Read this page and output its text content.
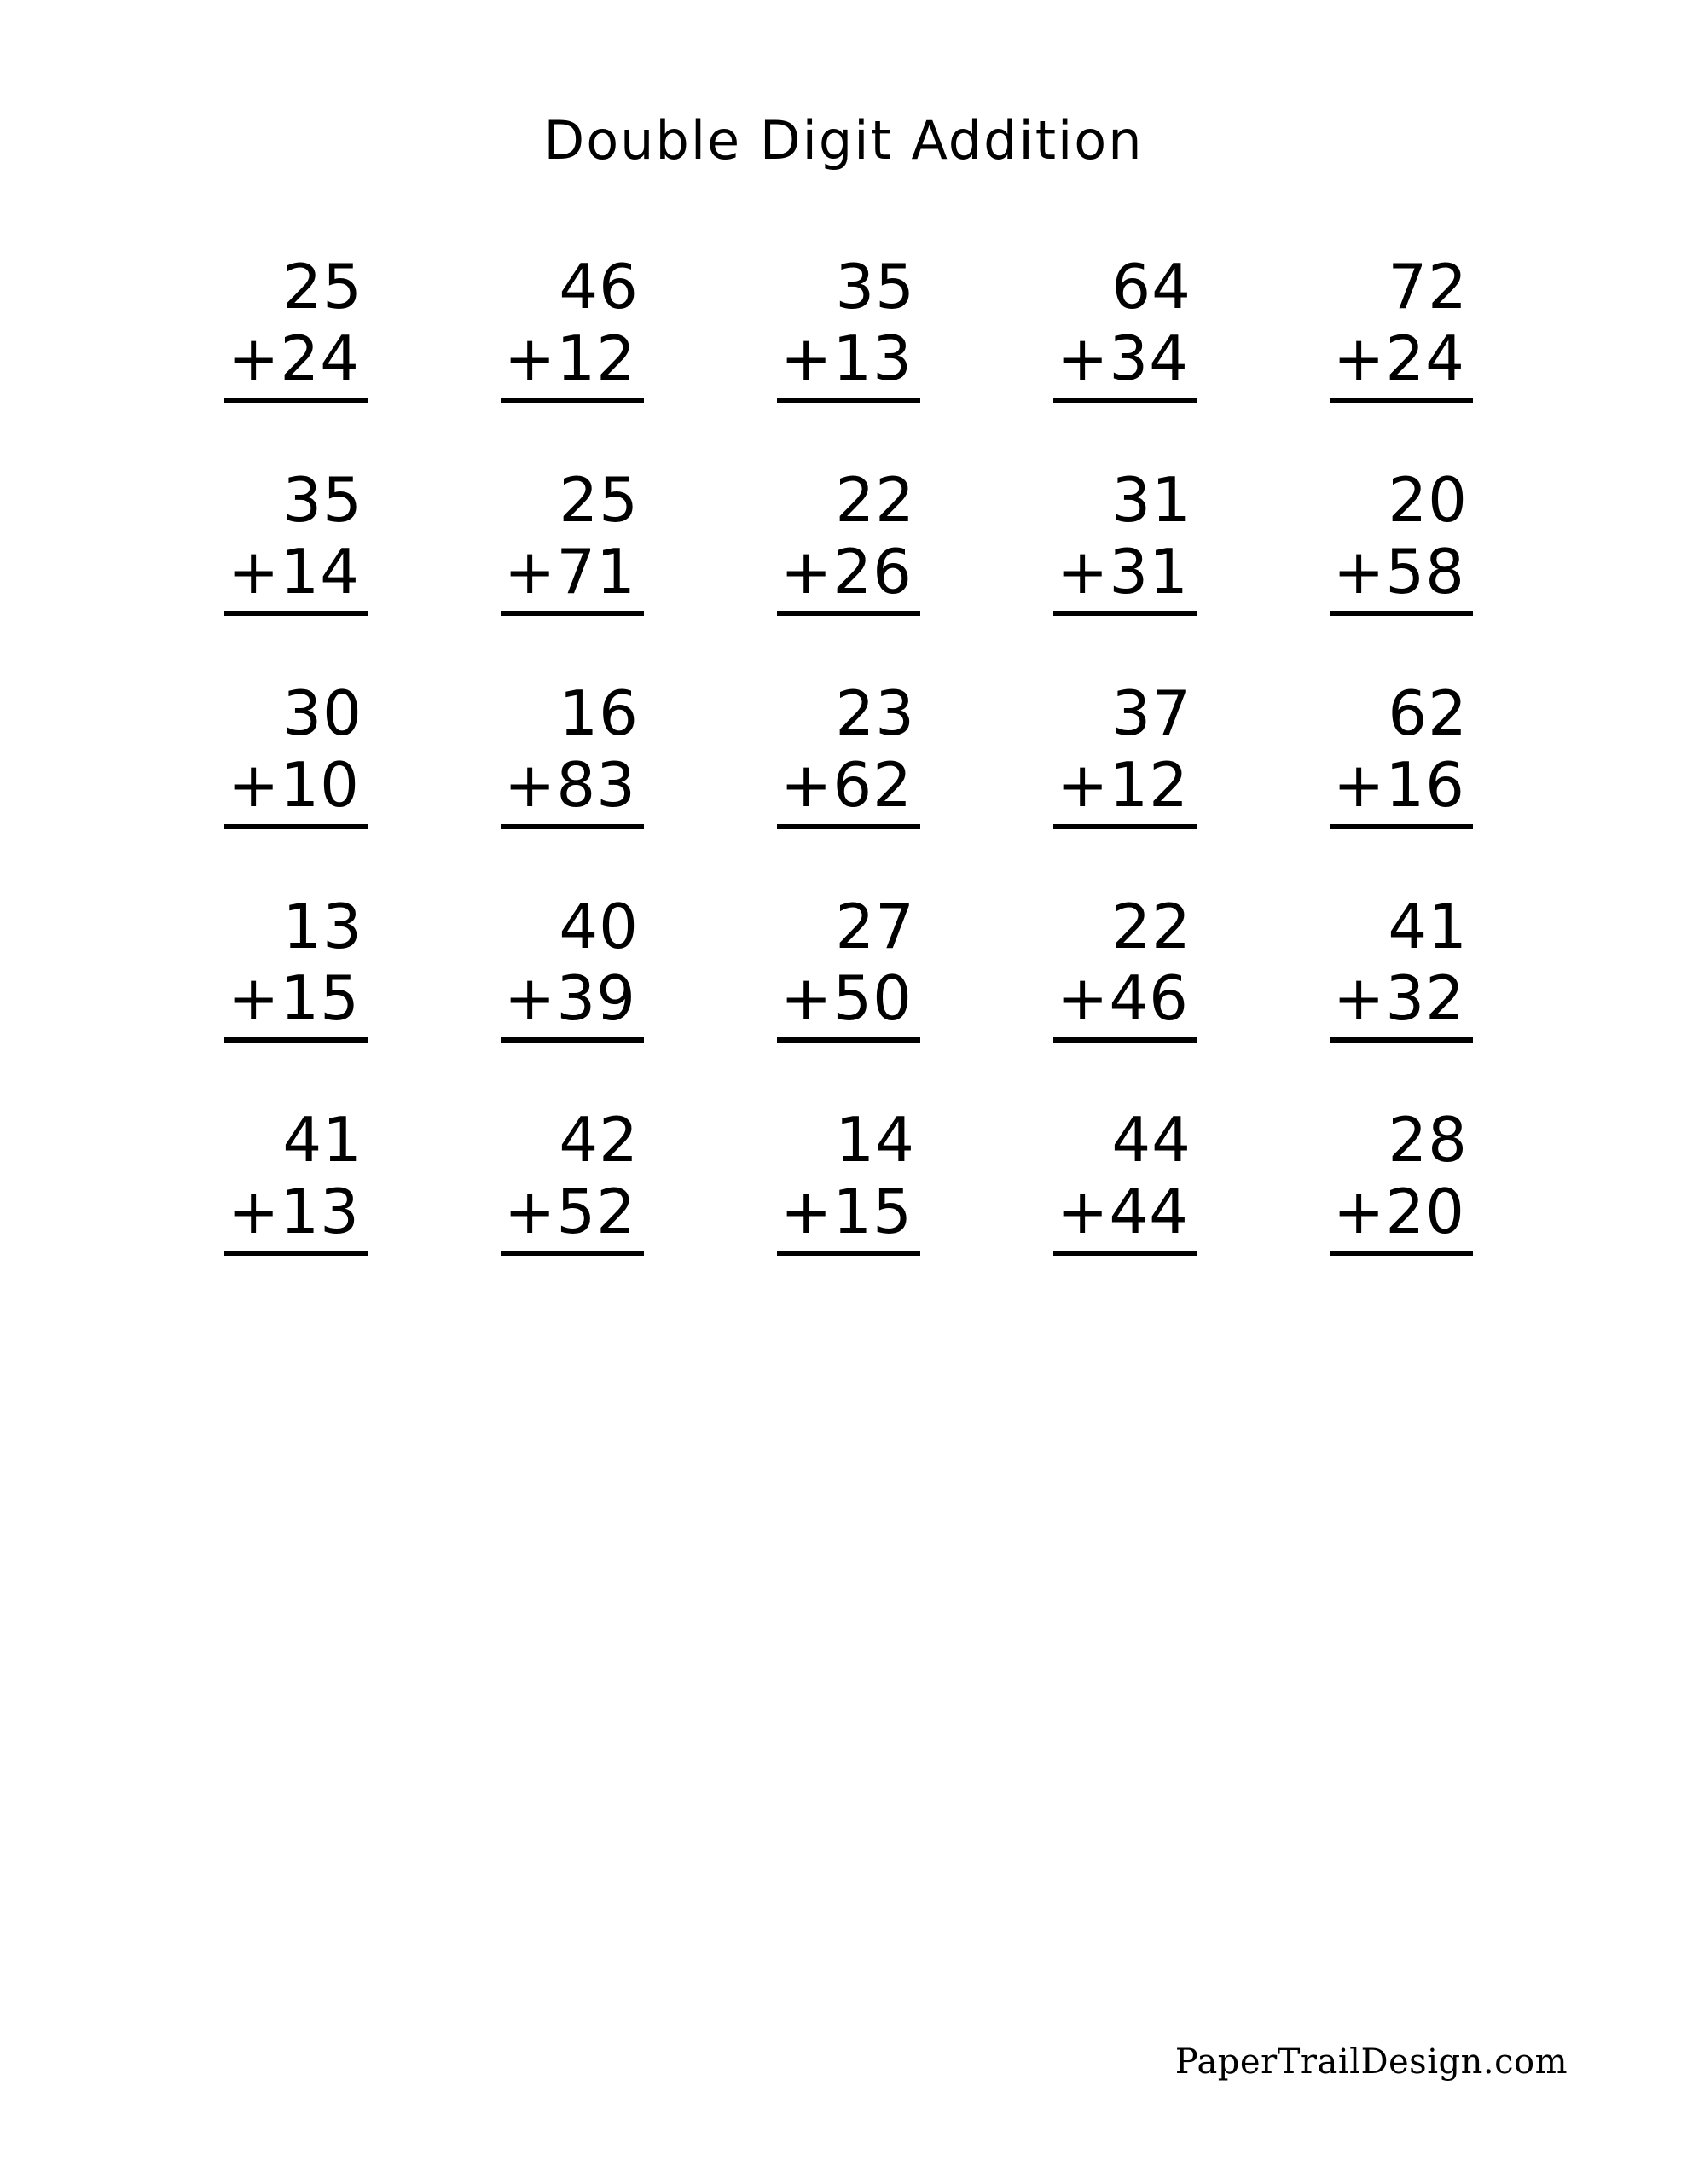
Double Digit Addition
25
+24
46
+12
35
+13
64
+34
72
+24
35
+14
25
+71
22
+26
31
+31
20
+58
30
+10
16
+83
23
+62
37
+12
62
+16
13
+15
40
+39
27
+50
22
+46
41
+32
41
+13
42
+52
14
+15
44
+44
28
+20
PaperTrailDesign.com
